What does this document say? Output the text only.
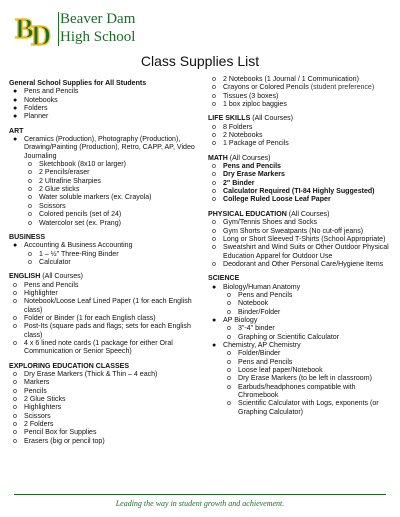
B
D
Beaver Dam
High School
Class Supplies List
General School Supplies for All Students
● Pens and Pencils
● Notebooks
● Folders
● Planner
ART
● Ceramics (Production), Photography (Production), Drawing/Painting (Production), Retro, CAPP, AP, Video Journaling
o Sketchbook (8x10 or larger)
o 2 Pencils/eraser
o 2 Ultrafine Sharpies
o 2 Glue sticks
o Water soluble markers (ex. Crayola)
o Scissors
o Colored pencils (set of 24)
o Watercolor set (ex. Prang)
BUSINESS
● Accounting & Business Accounting
o 1 – ½" Three-Ring Binder
o Calculator
ENGLISH (All Courses)
o Pens and Pencils
o Highlighter
o Notebook/Loose Leaf Lined Paper (1 for each English class)
o Folder or Binder (1 for each English class)
o Post-Its (square pads and flags; sets for each English class)
o 4 x 6 lined note cards (1 package for either Oral Communication or Senior Speech)
EXPLORING EDUCATION CLASSES
o Dry Erase Markers (Thick & Thin – 4 each)
o Markers
o Pencils
o 2 Glue Sticks
o Highlighters
o Scissors
o 2 Folders
o Pencil Box for Supplies
o Erasers (big or pencil top)
o 2 Notebooks (1 Journal / 1 Communication)
o Crayons or Colored Pencils (student preference)
o Tissues (3 boxes)
o 1 box ziploc baggies
LIFE SKILLS (All Courses)
o 8 Folders
o 2 Notebooks
o 1 Package of Pencils
MATH (All Courses)
o Pens and Pencils
o Dry Erase Markers
o 2" Binder
o Calculator Required (TI-84 Highly Suggested)
o College Ruled Loose Leaf Paper
PHYSICAL EDUCATION (All Courses)
o Gym/Tennis Shoes and Socks
o Gym Shorts or Sweatpants (No cut-off jeans)
o Long or Short Sleeved T-Shirts (School Appropriate)
o Sweatshirt and Wind Suits or Other Outdoor Physical Education Apparel for Outdoor Use
o Deodorant and Other Personal Care/Hygiene Items
SCIENCE
● Biology/Human Anatomy
o Pens and Pencils
o Notebook
o Binder/Folder
● AP Biology
o 3"-4" binder
o Graphing or Scientific Calculator
● Chemistry, AP Chemistry
o Folder/Binder
o Pens and Pencils
o Loose leaf paper/Notebook
o Dry Erase Markers (to be left in classroom)
o Earbuds/headphones compatible with Chromebook
o Scientific Calculator with Logs, exponents (or Graphing Calculator)
Leading the way in student growth and achievement.
